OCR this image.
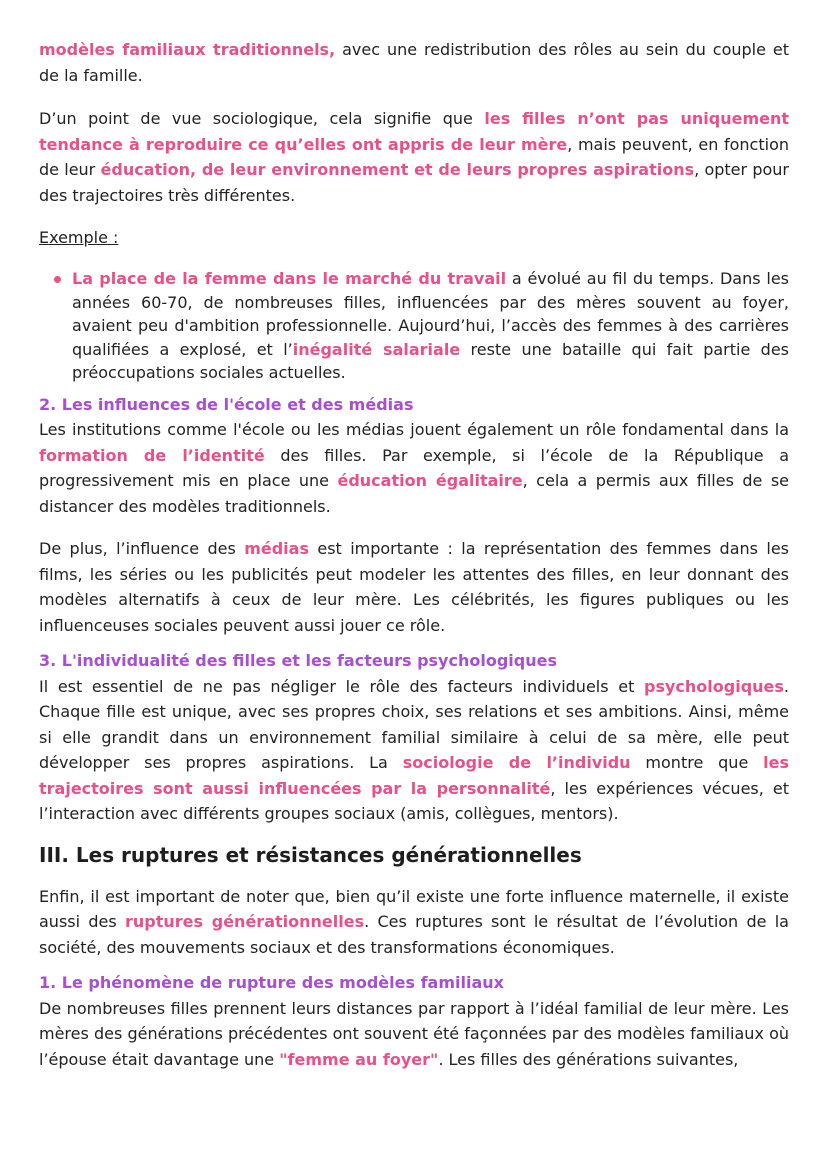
modèles familiaux traditionnels, avec une redistribution des rôles au sein du couple et de la famille.

D’un point de vue sociologique, cela signifie que les filles n’ont pas uniquement tendance à reproduire ce qu’elles ont appris de leur mère, mais peuvent, en fonction de leur éducation, de leur environnement et de leurs propres aspirations, opter pour des trajectoires très différentes.

Exemple :

La place de la femme dans le marché du travail a évolué au fil du temps. Dans les années 60-70, de nombreuses filles, influencées par des mères souvent au foyer, avaient peu d'ambition professionnelle. Aujourd’hui, l’accès des femmes à des carrières qualifiées a explosé, et l’inégalité salariale reste une bataille qui fait partie des préoccupations sociales actuelles.

2. Les influences de l'école et des médias

Les institutions comme l'école ou les médias jouent également un rôle fondamental dans la formation de l’identité des filles. Par exemple, si l’école de la République a progressivement mis en place une éducation égalitaire, cela a permis aux filles de se distancer des modèles traditionnels.

De plus, l’influence des médias est importante : la représentation des femmes dans les films, les séries ou les publicités peut modeler les attentes des filles, en leur donnant des modèles alternatifs à ceux de leur mère. Les célébrités, les figures publiques ou les influenceuses sociales peuvent aussi jouer ce rôle.

3. L'individualité des filles et les facteurs psychologiques

Il est essentiel de ne pas négliger le rôle des facteurs individuels et psychologiques. Chaque fille est unique, avec ses propres choix, ses relations et ses ambitions. Ainsi, même si elle grandit dans un environnement familial similaire à celui de sa mère, elle peut développer ses propres aspirations. La sociologie de l’individu montre que les trajectoires sont aussi influencées par la personnalité, les expériences vécues, et l’interaction avec différents groupes sociaux (amis, collègues, mentors).

III. Les ruptures et résistances générationnelles

Enfin, il est important de noter que, bien qu’il existe une forte influence maternelle, il existe aussi des ruptures générationnelles. Ces ruptures sont le résultat de l’évolution de la société, des mouvements sociaux et des transformations économiques.

1. Le phénomène de rupture des modèles familiaux

De nombreuses filles prennent leurs distances par rapport à l’idéal familial de leur mère. Les mères des générations précédentes ont souvent été façonnées par des modèles familiaux où l’épouse était davantage une "femme au foyer". Les filles des générations suivantes,
